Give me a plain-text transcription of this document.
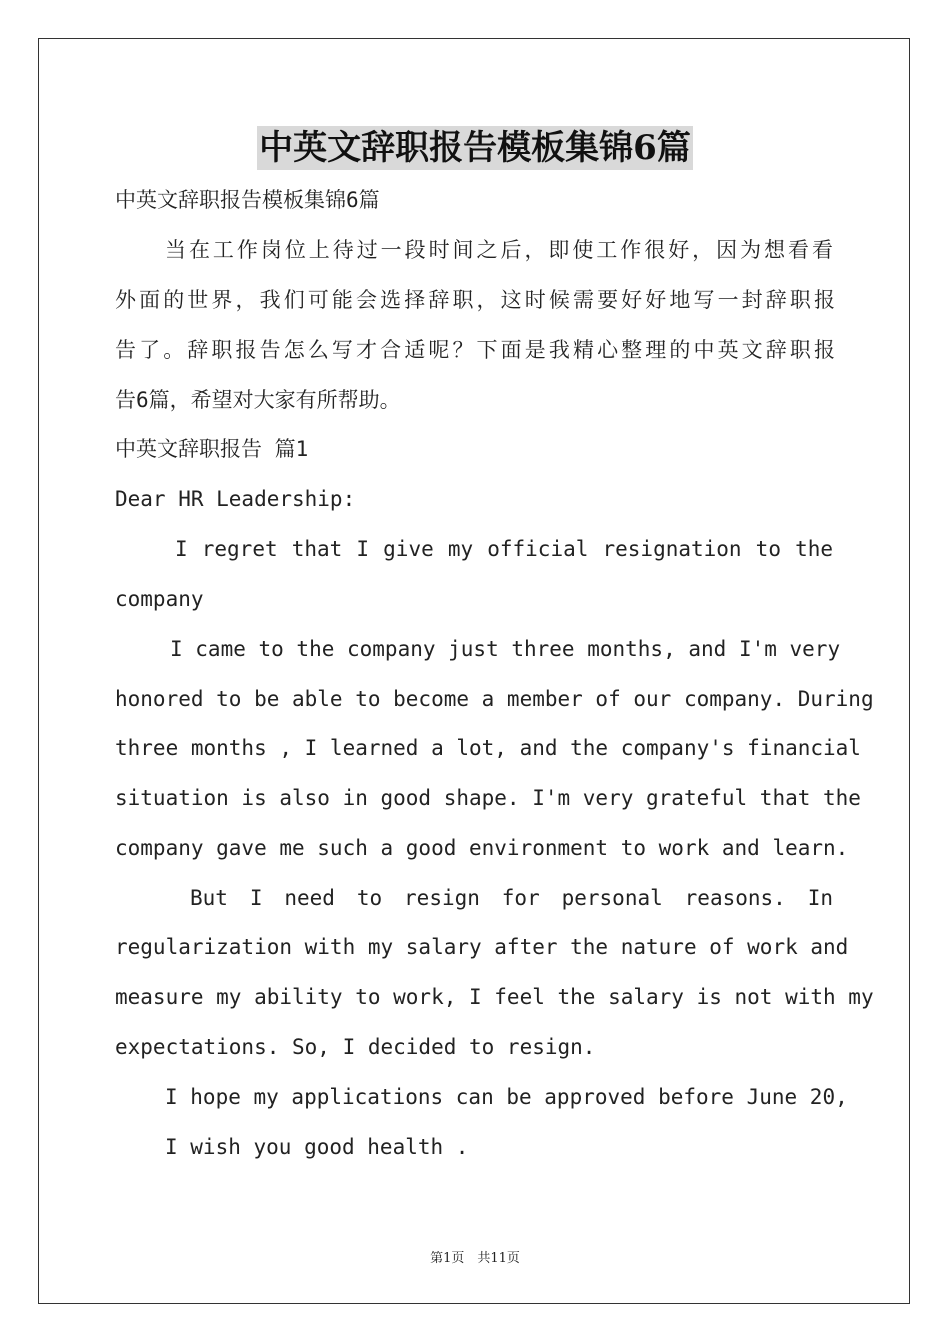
中英文辞职报告模板集锦6篇

中英文辞职报告模板集锦6篇

当在工作岗位上待过一段时间之后，即使工作很好，因为想看看

外面的世界，我们可能会选择辞职，这时候需要好好地写一封辞职报

告了。辞职报告怎么写才合适呢？下面是我精心整理的中英文辞职报

告6篇，希望对大家有所帮助。

中英文辞职报告 篇1

Dear HR Leadership:

I regret that I give my official resignation to the

company

I came to the company just three months, and I'm very

honored to be able to become a member of our company. During

three months , I learned a lot, and the company's financial

situation is also in good shape. I'm very grateful that the

company gave me such a good environment to work and learn.

But I need to resign for personal reasons. In

regularization with my salary after the nature of work and

measure my ability to work, I feel the salary is not with my

expectations. So, I decided to resign.

I hope my applications can be approved before June 20,

I wish you good health .

第1页　共11页
